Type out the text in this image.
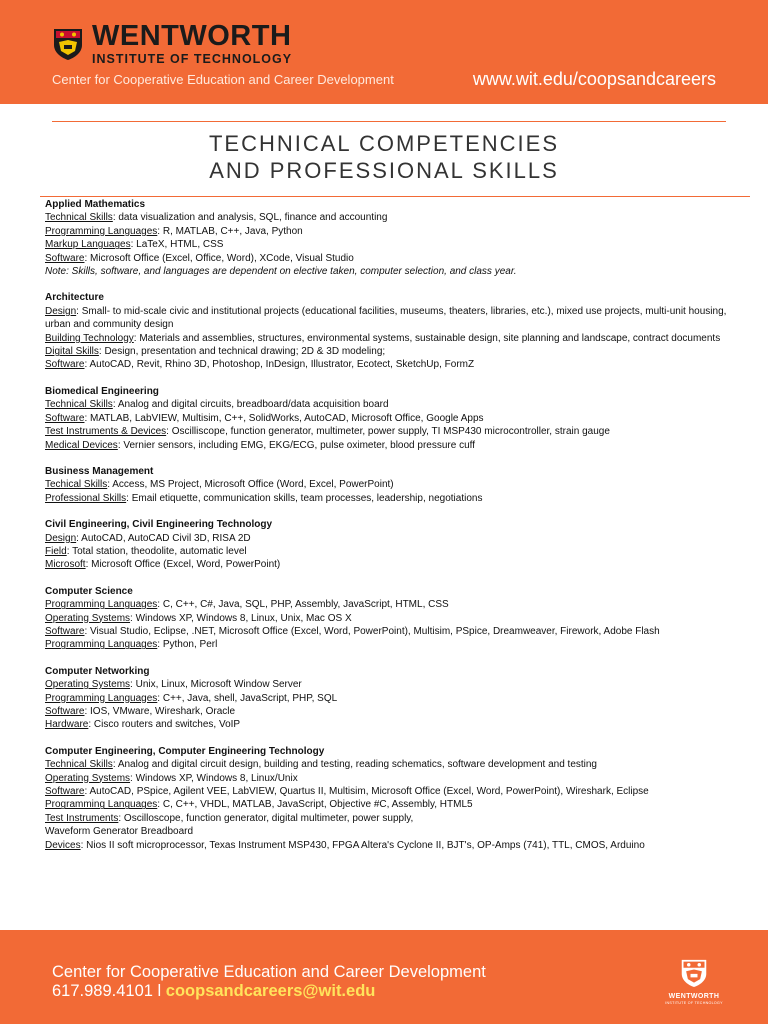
WENTWORTH
INSTITUTE OF TECHNOLOGY
Center for Cooperative Education and Career Development	www.wit.edu/coopsandcareers
TECHNICAL COMPETENCIES
AND PROFESSIONAL SKILLS
Applied Mathematics
Technical Skills: data visualization and analysis, SQL, finance and accounting
Programming Languages: R, MATLAB, C++, Java, Python
Markup Languages: LaTeX, HTML, CSS
Software: Microsoft Office (Excel, Office, Word), XCode, Visual Studio
Note: Skills, software, and languages are dependent on elective taken, computer selection, and class year.
Architecture
Design: Small- to mid-scale civic and institutional projects (educational facilities, museums, theaters, libraries, etc.), mixed use projects, multi-unit housing, urban and community design
Building Technology: Materials and assemblies, structures, environmental systems, sustainable design, site planning and landscape, contract documents
Digital Skills: Design, presentation and technical drawing; 2D & 3D modeling;
Software: AutoCAD, Revit, Rhino 3D, Photoshop, InDesign, Illustrator, Ecotect, SketchUp, FormZ
Biomedical Engineering
Technical Skills: Analog and digital circuits, breadboard/data acquisition board
Software: MATLAB, LabVIEW, Multisim, C++, SolidWorks, AutoCAD, Microsoft Office, Google Apps
Test Instruments & Devices: Oscilliscope, function generator, multimeter, power supply, TI MSP430 microcontroller, strain gauge
Medical Devices: Vernier sensors, including EMG, EKG/ECG, pulse oximeter, blood pressure cuff
Business Management
Techical Skills: Access, MS Project, Microsoft Office (Word, Excel, PowerPoint)
Professional Skills: Email etiquette, communication skills, team processes, leadership, negotiations
Civil Engineering, Civil Engineering Technology
Design: AutoCAD, AutoCAD Civil 3D, RISA 2D
Field: Total station, theodolite, automatic level
Microsoft: Microsoft Office (Excel, Word, PowerPoint)
Computer Science
Programming Languages: C, C++, C#, Java, SQL, PHP, Assembly, JavaScript, HTML, CSS
Operating Systems: Windows XP, Windows 8, Linux, Unix, Mac OS X
Software: Visual Studio, Eclipse, .NET, Microsoft Office (Excel, Word, PowerPoint), Multisim, PSpice, Dreamweaver, Firework, Adobe Flash
Programming Languages: Python, Perl
Computer Networking
Operating Systems: Unix, Linux, Microsoft Window Server
Programming Languages: C++, Java, shell, JavaScript, PHP, SQL
Software: IOS, VMware, Wireshark, Oracle
Hardware: Cisco routers and switches, VoIP
Computer Engineering, Computer Engineering Technology
Technical Skills: Analog and digital circuit design, building and testing, reading schematics, software development and testing
Operating Systems: Windows XP, Windows 8, Linux/Unix
Software: AutoCAD, PSpice, Agilent VEE, LabVIEW, Quartus II, Multisim, Microsoft Office (Excel, Word, PowerPoint), Wireshark, Eclipse
Programming Languages: C, C++, VHDL, MATLAB, JavaScript, Objective #C, Assembly, HTML5
Test Instruments: Oscilloscope, function generator, digital multimeter, power supply,
Waveform Generator Breadboard
Devices: Nios II soft microprocessor, Texas Instrument MSP430, FPGA Altera's Cyclone II, BJT's, OP-Amps (741), TTL, CMOS, Arduino
Center for Cooperative Education and Career Development
617.989.4101 l coopsandcareers@wit.edu	WENTWORTH
INSTITUTE OF TECHNOLOGY
